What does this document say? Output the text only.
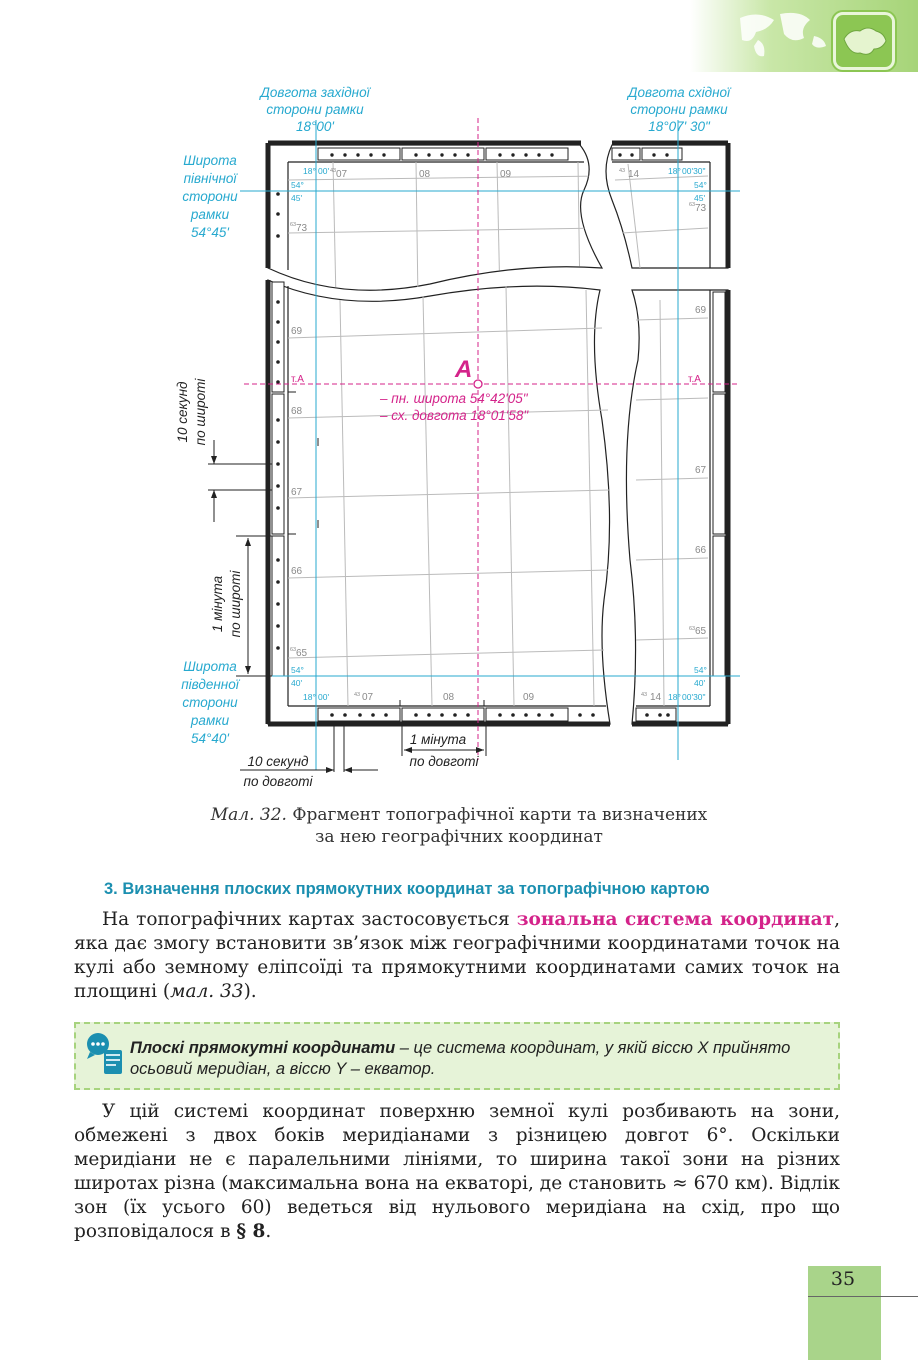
Довгота західної
сторони рамки
18°00'
Довгота східної
сторони рамки
18°07' 30"
Широта
північної
сторони
рамки
54°45'
Широта
південної
сторони
рамки
54°40'
18° 00'
54°
45'
18° 00'30"
54°
45'
54°
40'
18° 00'
54°
40'
18° 00'30"
07	08	09	14
73
73
69
69
68
67
67
66
66
65
65
07	08	09	14
43
63
43
63
63
43
63
43
А
– пн. широта 54°42'05"
– сх. довгота 18°01'58"
т.А	т.А
10 секунд по широті
1 мінута по широті
10 секунд
по довготі
1 мінута
по довготі
Мал. 32. Фрагмент топографічної карти та визначених
за нею географічних координат
3. Визначення плоских прямокутних координат за топографічною картою
На топографічних картах застосовується зональна система координат, яка дає змогу встановити зв’язок між географічними координатами точок на кулі або земному еліпсоїді та прямокутними координатами самих точок на площині (мал. 33).
Плоскі прямокутні координати – це система координат, у якій віссю X прийнято осьовий меридіан, а віссю Y – екватор.
У цій системі координат поверхню земної кулі розбивають на зони, обмежені з двох боків меридіанами з різницею довгот 6°. Оскільки меридіани не є паралельними лініями, то ширина такої зони на різних широтах різна (максимальна вона на екваторі, де становить ≈ 670 км). Відлік зон (їх усього 60) ведеться від нульового меридіана на схід, про що розповідалося в § 8.
35
